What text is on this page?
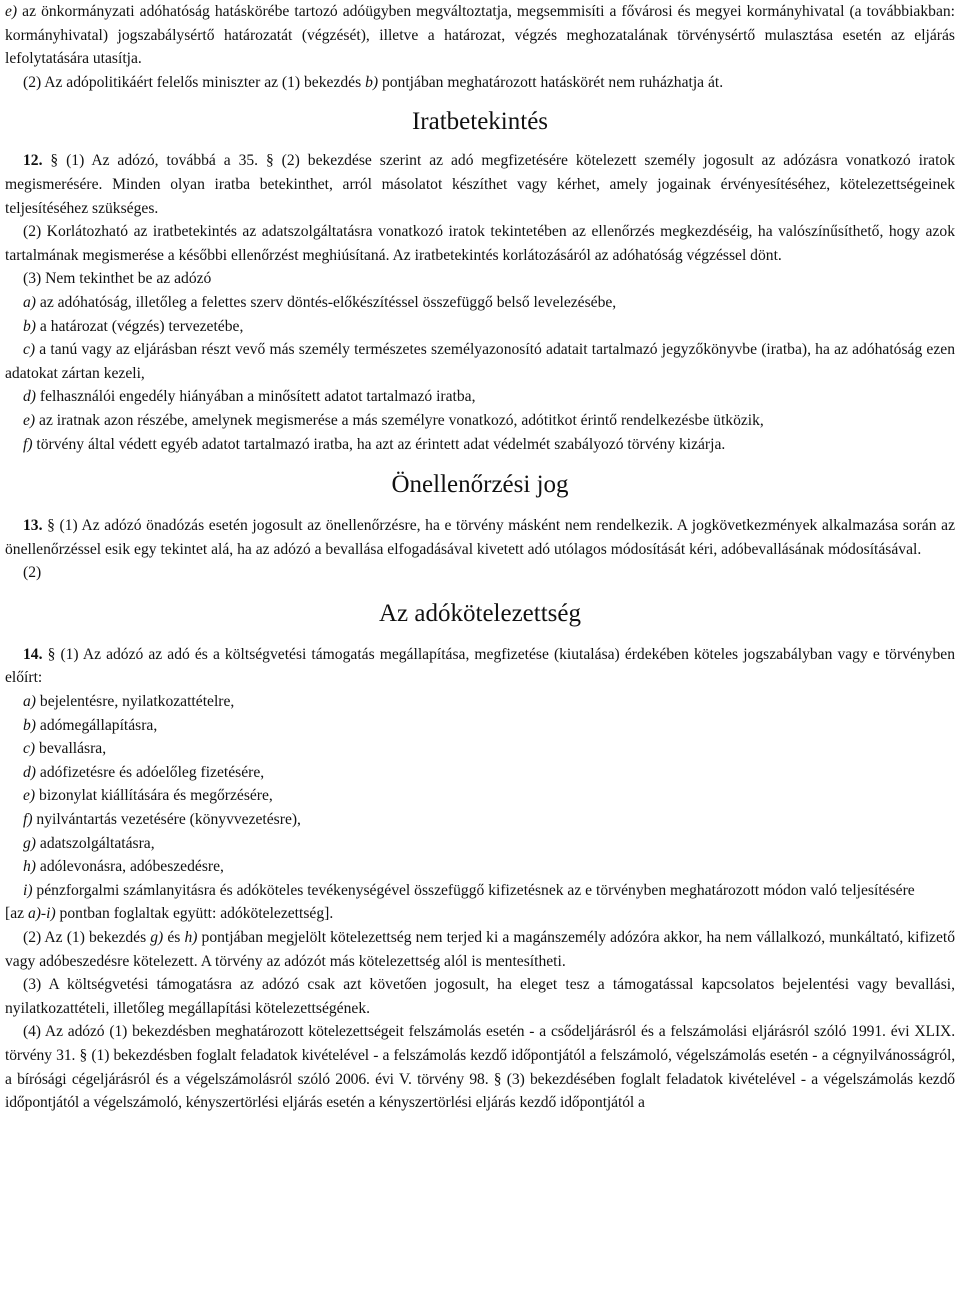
e) az önkormányzati adóhatóság hatáskörébe tartozó adóügyben megváltoztatja, megsemmisíti a fővárosi és megyei kormányhivatal (a továbbiakban: kormányhivatal) jogszabálysértő határozatát (végzését), illetve a határozat, végzés meghozatalának törvénysértő mulasztása esetén az eljárás lefolytatására utasítja.

(2) Az adópolitikáért felelős miniszter az (1) bekezdés b) pontjában meghatározott hatáskörét nem ruházhatja át.

Iratbetekintés

12. § (1) Az adózó, továbbá a 35. § (2) bekezdése szerint az adó megfizetésére kötelezett személy jogosult az adózásra vonatkozó iratok megismerésére. Minden olyan iratba betekinthet, arról másolatot készíthet vagy kérhet, amely jogainak érvényesítéséhez, kötelezettségeinek teljesítéséhez szükséges.

(2) Korlátozható az iratbetekintés az adatszolgáltatásra vonatkozó iratok tekintetében az ellenőrzés megkezdéséig, ha valószínűsíthető, hogy azok tartalmának megismerése a későbbi ellenőrzést meghiúsítaná. Az iratbetekintés korlátozásáról az adóhatóság végzéssel dönt.

(3) Nem tekinthet be az adózó

a) az adóhatóság, illetőleg a felettes szerv döntés-előkészítéssel összefüggő belső levelezésébe,

b) a határozat (végzés) tervezetébe,

c) a tanú vagy az eljárásban részt vevő más személy természetes személyazonosító adatait tartalmazó jegyzőkönyvbe (iratba), ha az adóhatóság ezen adatokat zártan kezeli,

d) felhasználói engedély hiányában a minősített adatot tartalmazó iratba,

e) az iratnak azon részébe, amelynek megismerése a más személyre vonatkozó, adótitkot érintő rendelkezésbe ütközik,

f) törvény által védett egyéb adatot tartalmazó iratba, ha azt az érintett adat védelmét szabályozó törvény kizárja.

Önellenőrzési jog

13. § (1) Az adózó önadózás esetén jogosult az önellenőrzésre, ha e törvény másként nem rendelkezik. A jogkövetkezmények alkalmazása során az önellenőrzéssel esik egy tekintet alá, ha az adózó a bevallása elfogadásával kivetett adó utólagos módosítását kéri, adóbevallásának módosításával.

(2)

Az adókötelezettség

14. § (1) Az adózó az adó és a költségvetési támogatás megállapítása, megfizetése (kiutalása) érdekében köteles jogszabályban vagy e törvényben előírt:

a) bejelentésre, nyilatkozattételre,

b) adómegállapításra,

c) bevallásra,

d) adófizetésre és adóelőleg fizetésére,

e) bizonylat kiállítására és megőrzésére,

f) nyilvántartás vezetésére (könyvvezetésre),

g) adatszolgáltatásra,

h) adólevonásra, adóbeszedésre,

i) pénzforgalmi számlanyitásra és adóköteles tevékenységével összefüggő kifizetésnek az e törvényben meghatározott módon való teljesítésére

[az a)-i) pontban foglaltak együtt: adókötelezettség].

(2) Az (1) bekezdés g) és h) pontjában megjelölt kötelezettség nem terjed ki a magánszemély adózóra akkor, ha nem vállalkozó, munkáltató, kifizető vagy adóbeszedésre kötelezett. A törvény az adózót más kötelezettség alól is mentesítheti.

(3) A költségvetési támogatásra az adózó csak azt követően jogosult, ha eleget tesz a támogatással kapcsolatos bejelentési vagy bevallási, nyilatkozattételi, illetőleg megállapítási kötelezettségének.

(4) Az adózó (1) bekezdésben meghatározott kötelezettségeit felszámolás esetén - a csődeljárásról és a felszámolási eljárásról szóló 1991. évi XLIX. törvény 31. § (1) bekezdésben foglalt feladatok kivételével - a felszámolás kezdő időpontjától a felszámoló, végelszámolás esetén - a cégnyilvánosságról, a bírósági cégeljárásról és a végelszámolásról szóló 2006. évi V. törvény 98. § (3) bekezdésében foglalt feladatok kivételével - a végelszámolás kezdő időpontjától a végelszámoló, kényszertörlési eljárás esetén a kényszertörlési eljárás kezdő időpontjától a
